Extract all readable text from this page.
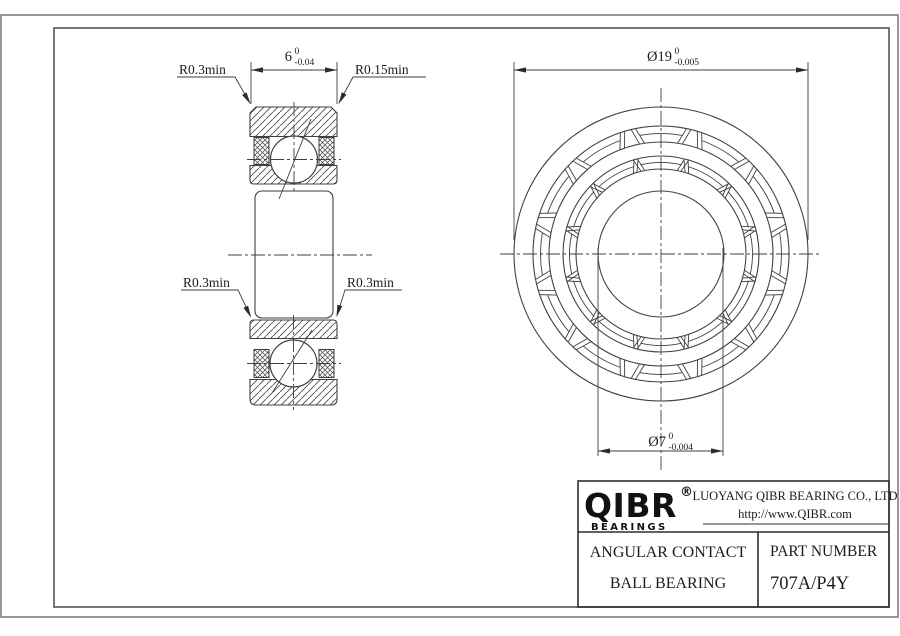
6 0
-0.04
R0.3min	R0.15min
R0.3min	R0.3min
Ø19 0
-0.005
Ø7 0
-0.004
QIBR ®
BEARINGS
LUOYANG QIBR BEARING CO., LTD
http://www.QIBR.com
ANGULAR CONTACT
BALL BEARING
PART NUMBER
707A/P4Y
